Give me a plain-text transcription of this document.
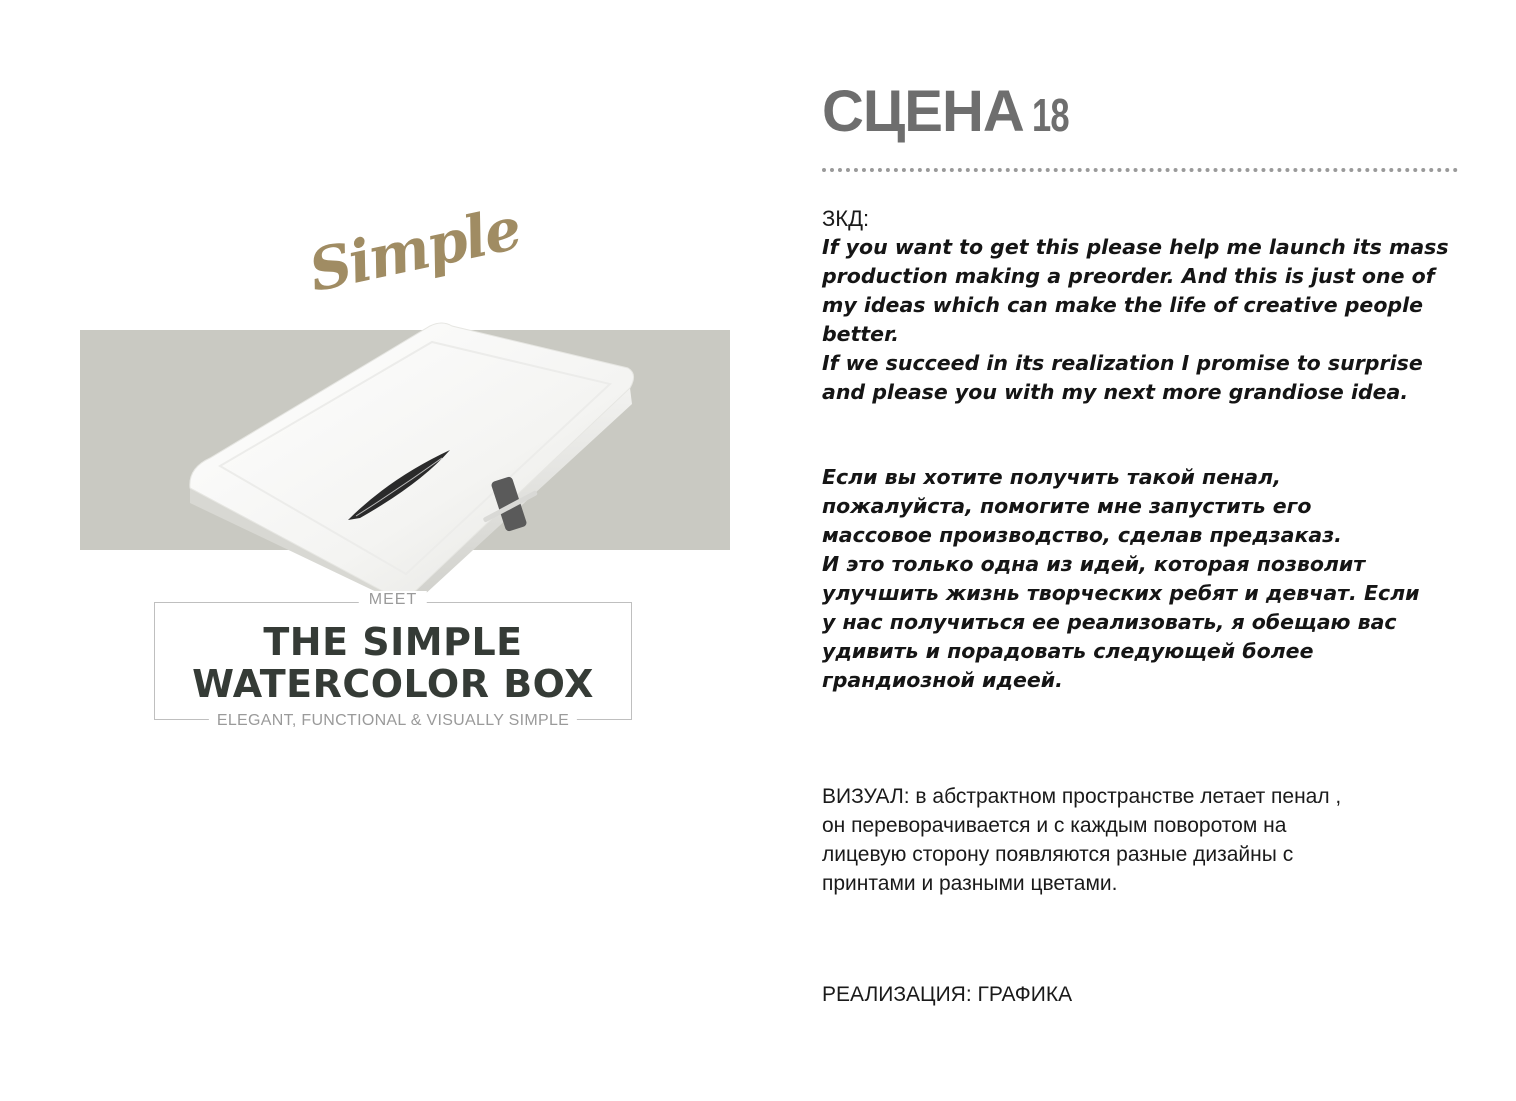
Simple
MEET
THE SIMPLE
WATERCOLOR BOX
ELEGANT, FUNCTIONAL & VISUALLY SIMPLE
СЦЕНА 18
ЗКД:
If you want to get this please help me launch its mass
production making a preorder. And this is just one of
my ideas which can make the life of creative people
better.
If we succeed in its realization I promise to surprise
and please you with my next more grandiose idea.
Если вы хотите получить такой пенал,
пожалуйста, помогите мне запустить его
массовое производство, сделав предзаказ.
И это только одна из идей, которая позволит
улучшить жизнь творческих ребят и девчат. Если
у нас получиться ее реализовать, я обещаю вас
удивить и порадовать следующей более
грандиозной идеей.
ВИЗУАЛ: в абстрактном пространстве летает пенал ,
он переворачивается и с каждым поворотом на
лицевую сторону появляются разные дизайны с
принтами и разными цветами.
РЕАЛИЗАЦИЯ: ГРАФИКА
